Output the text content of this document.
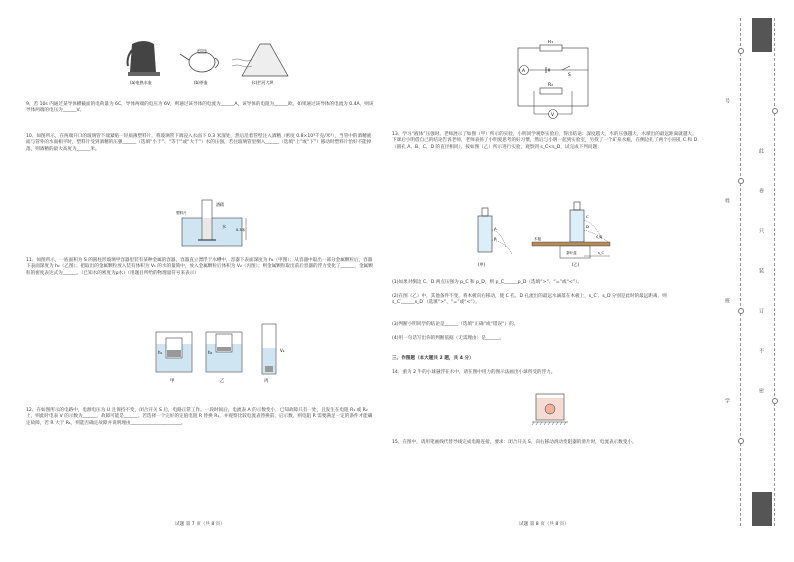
(a)电热水壶	(b)茶壶	(c)拦河大坝

9、若 10s 内通过某导体横截面的电荷量为 6C，导体两端的电压为 6V，则通过该导体的电流为______A，该导体的电阻为______欧。如果通过该导体的电流为 0.4A，则该导体两端的电压为______V。

10、如图所示，在两端开口的玻璃管下端紧贴一轻质薄塑料片，将玻璃管下端浸入水面下 0.3 米深处，然后沿着管壁注入酒精（密度 0.8×10³千克/米³），当管中的酒精液面与管外的水面相平时，塑料片受到酒精的压强______（选填“小于”、“等于”或“大于”）水的压强，若往玻璃管里倒入______（选填“上”或“下”）移动时塑料片恰好不能掉落，则酒精的最大高度为______米。

酒精
水
0.3米
塑料片

11、如图所示，一底面积为 S 的圆柱形玻璃甲容器里装有某种金属的容器，容器直立漂浮于水槽中，容器下表面深度为 h₁（甲图）；从容器中取出一部分金属颗粒后，容器下表面深度为 h₂（乙图）；把取出的金属颗粒放入装有体积为 V₁ 的水的量筒中，放入金属颗粒后体积为 V₂（丙图）；则金属颗粒取出前后容器的浮力变化了______，金属颗粒的密度表达式为______。（已知水的密度为ρ水）（用题目所给的物理量符号来表示）

h₁	h₂	V₂
甲	乙	丙

12、在如图所示的电路中，电源电压为 U 且保持不变，闭合开关 S 后，电路正常工作。一段时间后，电流表 A 的示数变小，已知故障只有一处，且发生在电阻 R₁ 或 R₂ 上，则此时电表 V 的示数为______，故障可能是______。若选择一个完好的定值电阻 R 替换 R₁，并观察比较电流表替换前、后示数，则电阻 R 需要满足一定的条件才能确定故障，若 R 大于 R₁，则能否确定故障并说明理由______________________。

试题 第 7 页（共 8 页）
R₁
R₂
A
V
S

13、学习“液体”压强时，老师展示了如图（甲）所示的实验，小明同学观察实验后，得出结论：深度越大，水的压强越大，水喷出的最远距离就越大。下课后小明借自己的结论告诉老师，老师表扬了小明爱思考的好习惯，然后与小明一起到实验室，另找了一个矿泉水瓶，在侧边扎了两个小圆孔 C 和 D（圆孔 A、B、C、D 的直径相同），按如图（乙）所示进行实验，观察到 s_C<s_D，试完成下列问题：

A
B
(甲)
C
D
木板
茶叶盒
s_D
s_C
(乙)

(1)如果对倒边 C、D 两点压强为 p_C 和 p_D，则 p_C______p_D（选填“>”、“=”或“<”）。

(2)在图（乙）中，其他条件不变，将木板向右移动，使 C 孔、D 孔流出的最远水滴落在木板上，s_C′、s_D′分别是此时的最远距离，则 s_C′______s_D′（选填“>”、“=”或“<”）。

(3)判断小明同学的结论是______（选填“正确”或“错误”）的。

(4)用一句话写出你的判断依据（无需理由）是______。

三、作图题（本大题共 2 题，共 4 分）

14、重为 2 牛的小球悬浮在水中，请在图中用力的图示法画出小球所受的浮力。

15、在图中，请用笔画线代替导线完成电路连接，要求：闭合开关 S，向右移动滑动变阻器的滑片时，电流表示数变小。

试题 第 8 页（共 8 页）
此
卷
只
装
订
不
密
号
姓
班
学
